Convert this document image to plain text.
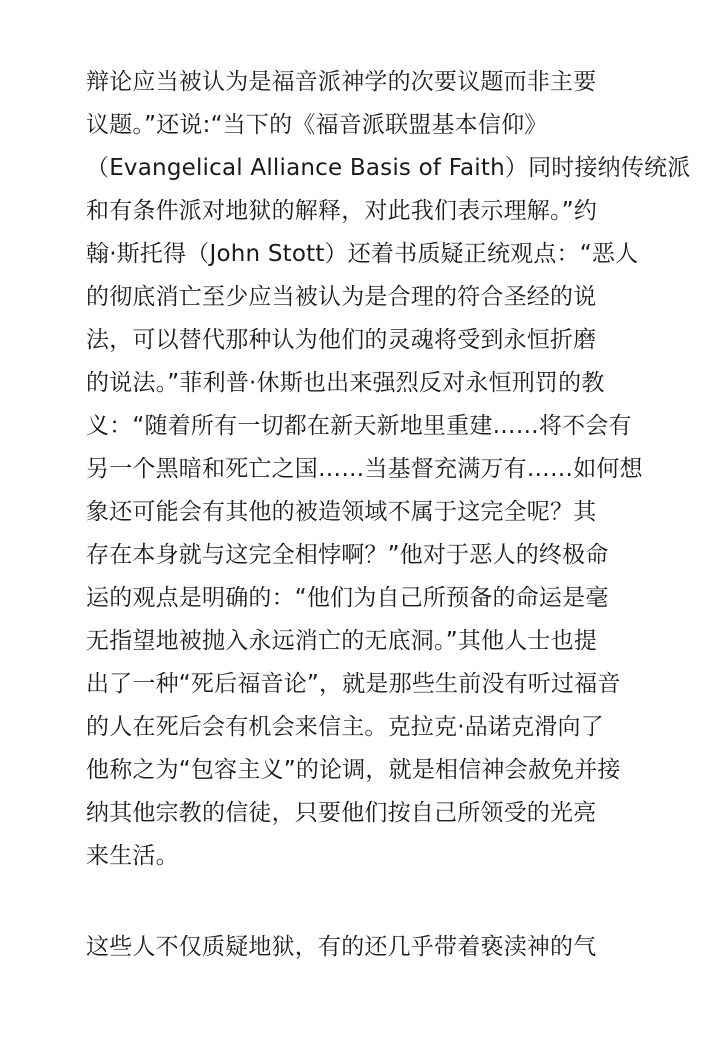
辩论应当被认为是福音派神学的次要议题而非主要
议题。”还说:“当下的《福音派联盟基本信仰》
（Evangelical Alliance Basis of Faith）同时接纳传统派
和有条件派对地狱的解释，对此我们表示理解。”约
翰·斯托得（John Stott）还着书质疑正统观点：“恶人
的彻底消亡至少应当被认为是合理的符合圣经的说
法，可以替代那种认为他们的灵魂将受到永恒折磨
的说法。”菲利普·休斯也出来强烈反对永恒刑罚的教
义：“随着所有一切都在新天新地里重建……将不会有
另一个黑暗和死亡之国……当基督充满万有……如何想
象还可能会有其他的被造领域不属于这完全呢？其
存在本身就与这完全相悖啊？”他对于恶人的终极命
运的观点是明确的：“他们为自己所预备的命运是毫
无指望地被抛入永远消亡的无底洞。”其他人士也提
出了一种“死后福音论”，就是那些生前没有听过福音
的人在死后会有机会来信主。克拉克·品诺克滑向了
他称之为“包容主义”的论调，就是相信神会赦免并接
纳其他宗教的信徒，只要他们按自己所领受的光亮
来生活。
这些人不仅质疑地狱，有的还几乎带着亵渎神的气
